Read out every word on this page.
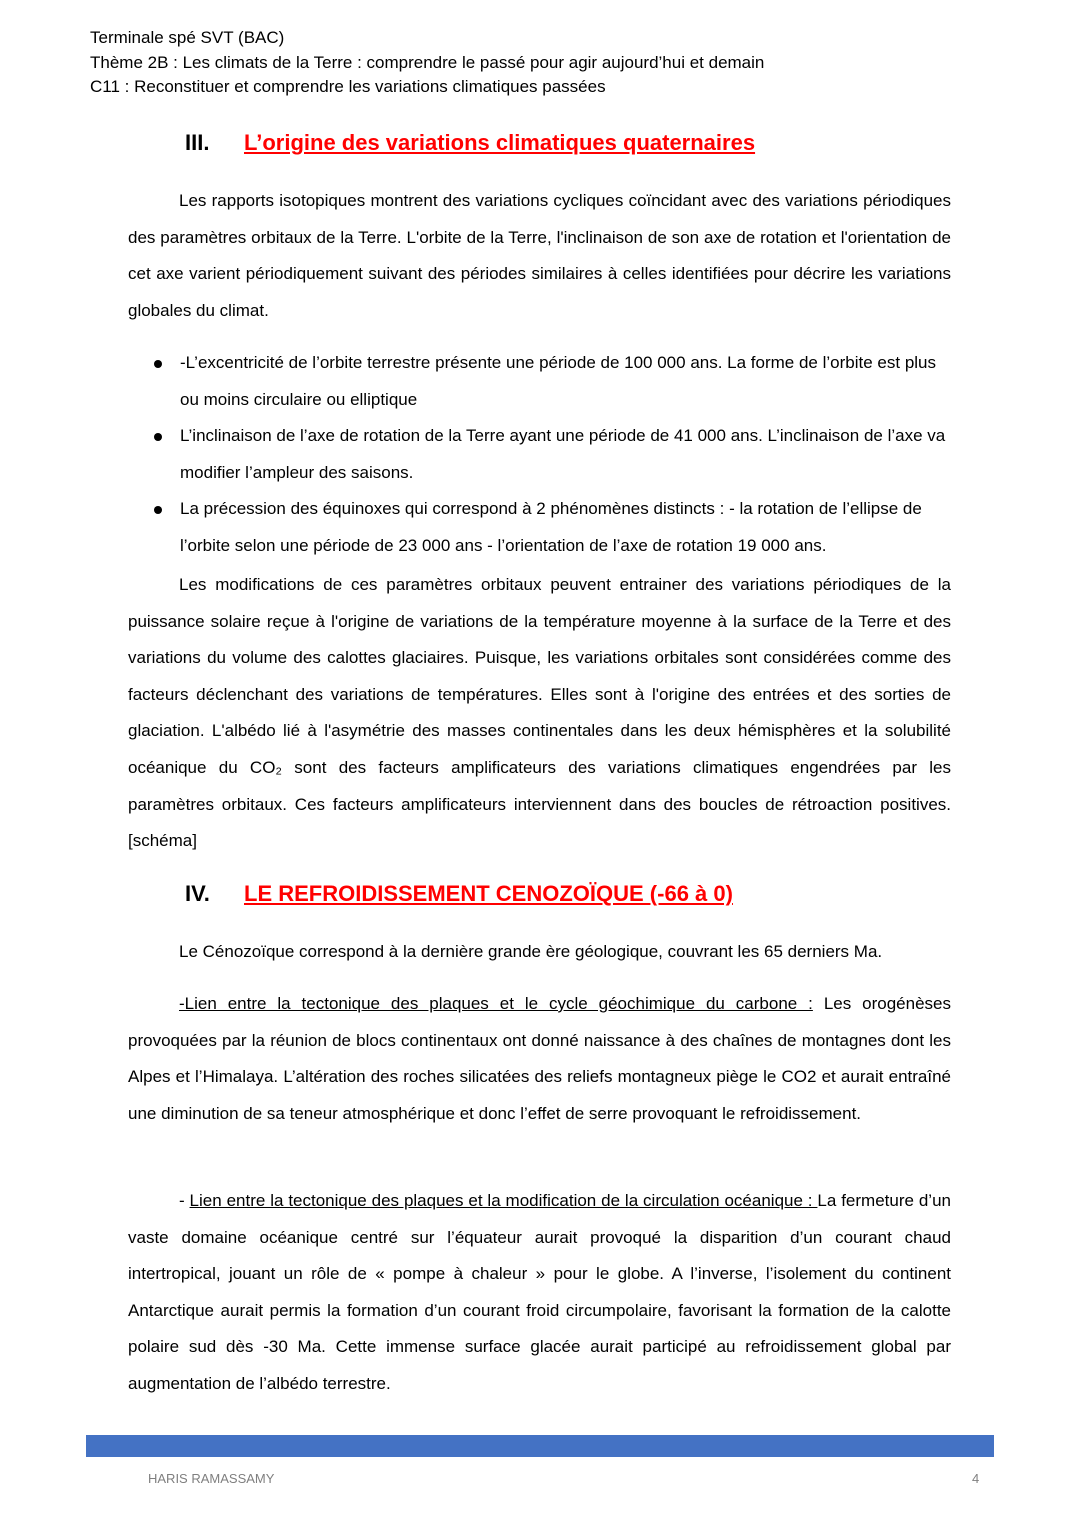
Terminale spé SVT (BAC)
Thème 2B : Les climats de la Terre : comprendre le passé pour agir aujourd’hui et demain
C11 : Reconstituer et comprendre les variations climatiques passées
III. L’origine des variations climatiques quaternaires

Les rapports isotopiques montrent des variations cycliques coïncidant avec des variations périodiques des paramètres orbitaux de la Terre. L'orbite de la Terre, l'inclinaison de son axe de rotation et l'orientation de cet axe varient périodiquement suivant des périodes similaires à celles identifiées pour décrire les variations globales du climat.

-L’excentricité de l’orbite terrestre présente une période de 100 000 ans. La forme de l’orbite est plus ou moins circulaire ou elliptique
L’inclinaison de l’axe de rotation de la Terre ayant une période de 41 000 ans. L’inclinaison de l’axe va modifier l’ampleur des saisons.
La précession des équinoxes qui correspond à 2 phénomènes distincts : - la rotation de l’ellipse de l’orbite selon une période de 23 000 ans - l’orientation de l’axe de rotation 19 000 ans.

Les modifications de ces paramètres orbitaux peuvent entrainer des variations périodiques de la puissance solaire reçue à l'origine de variations de la température moyenne à la surface de la Terre et des variations du volume des calottes glaciaires. Puisque, les variations orbitales sont considérées comme des facteurs déclenchant des variations de températures. Elles sont à l'origine des entrées et des sorties de glaciation. L'albédo lié à l'asymétrie des masses continentales dans les deux hémisphères et la solubilité océanique du CO₂ sont des facteurs amplificateurs des variations climatiques engendrées par les paramètres orbitaux. Ces facteurs amplificateurs interviennent dans des boucles de rétroaction positives. [schéma]

IV. LE REFROIDISSEMENT CENOZOÏQUE (-66 à 0)

Le Cénozoïque correspond à la dernière grande ère géologique, couvrant les 65 derniers Ma.

-Lien entre la tectonique des plaques et le cycle géochimique du carbone : Les orogénèses provoquées par la réunion de blocs continentaux ont donné naissance à des chaînes de montagnes dont les Alpes et l’Himalaya. L’altération des roches silicatées des reliefs montagneux piège le CO2 et aurait entraîné une diminution de sa teneur atmosphérique et donc l’effet de serre provoquant le refroidissement.

- Lien entre la tectonique des plaques et la modification de la circulation océanique : La fermeture d’un vaste domaine océanique centré sur l’équateur aurait provoqué la disparition d’un courant chaud intertropical, jouant un rôle de « pompe à chaleur » pour le globe. A l’inverse, l’isolement du continent Antarctique aurait permis la formation d’un courant froid circumpolaire, favorisant la formation de la calotte polaire sud dès -30 Ma. Cette immense surface glacée aurait participé au refroidissement global par augmentation de l’albédo terrestre.

HARIS RAMASSAMY	4
